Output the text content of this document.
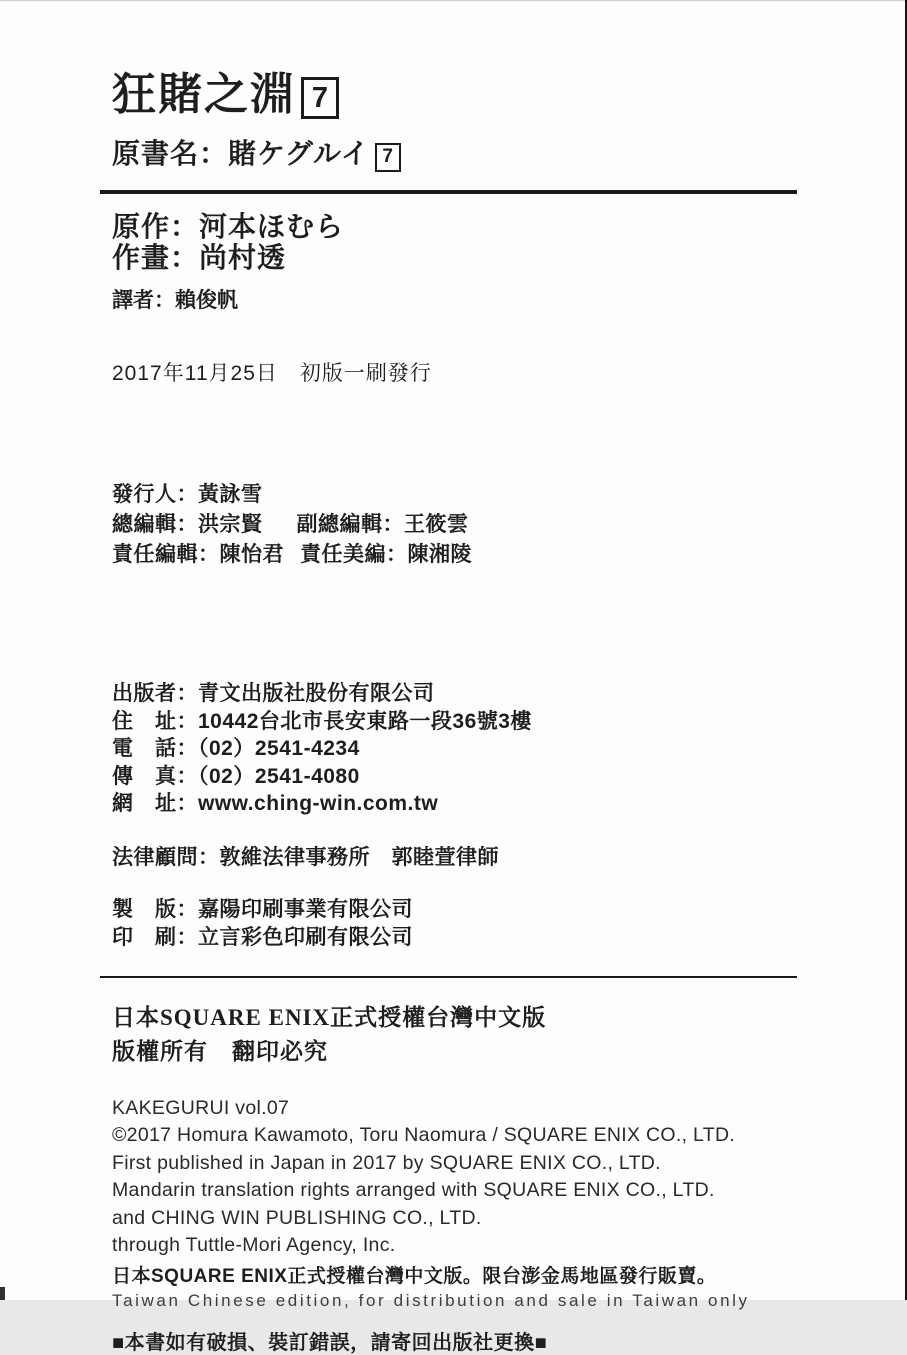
狂賭之淵 7
原書名：賭ケグルイ 7
原作：河本ほむら
作畫：尚村透
譯者：賴俊帆
2017年11月25日　初版一刷發行
發行人：黃詠雪
總編輯：洪宗賢 副總編輯：王筱雲
責任編輯：陳怡君 責任美編：陳湘陵
出版者：青文出版社股份有限公司
住　址：10442台北市長安東路一段36號3樓
電　話：（02）2541-4234
傳　真：（02）2541-4080
網　址：www.ching-win.com.tw
法律顧問：敦維法律事務所　郭睦萱律師
製　版：嘉陽印刷事業有限公司
印　刷：立言彩色印刷有限公司
日本SQUARE ENIX正式授權台灣中文版
版權所有　翻印必究
KAKEGURUI vol.07
©2017 Homura Kawamoto, Toru Naomura / SQUARE ENIX CO., LTD.
First published in Japan in 2017 by SQUARE ENIX CO., LTD.
Mandarin translation rights arranged with SQUARE ENIX CO., LTD.
and CHING WIN PUBLISHING CO., LTD.
through Tuttle-Mori Agency, Inc.
日本SQUARE ENIX正式授權台灣中文版。限台澎金馬地區發行販賣。
Taiwan Chinese edition, for distribution and sale in Taiwan only
■本書如有破損、裝訂錯誤，請寄回出版社更換■
